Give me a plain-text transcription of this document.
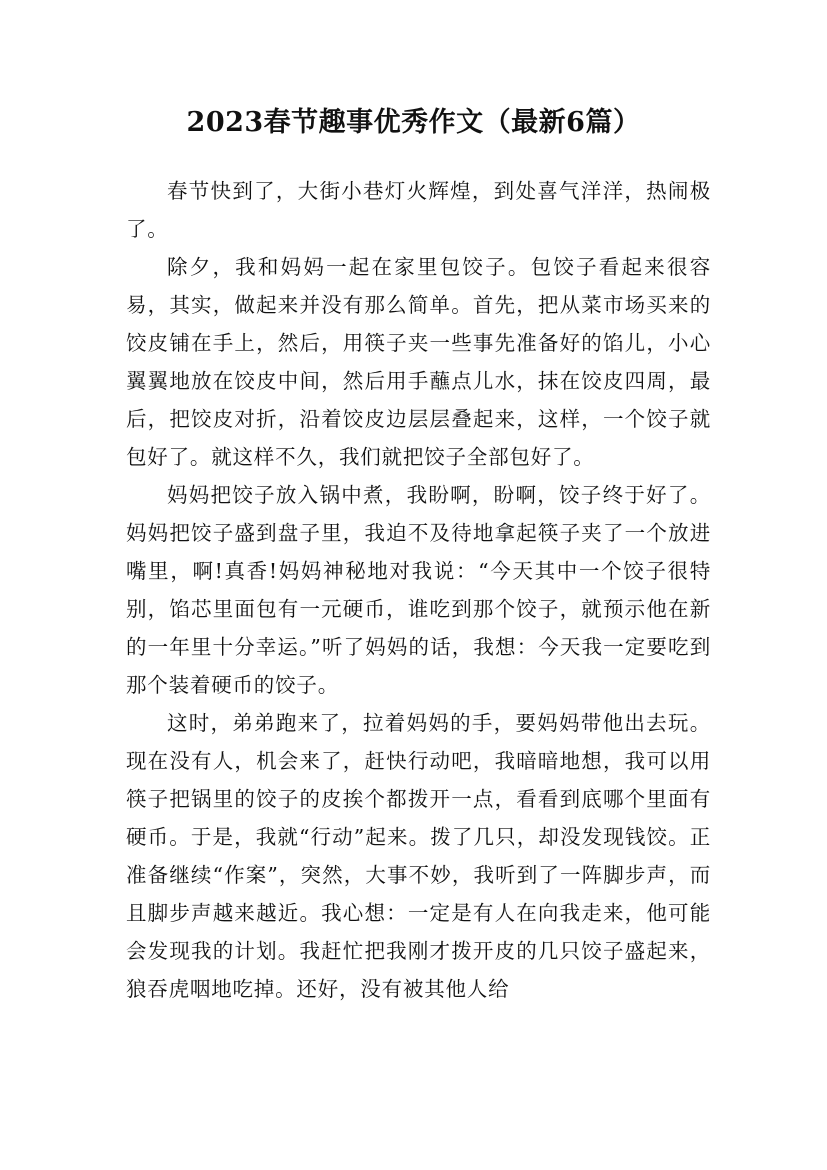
2023春节趣事优秀作文（最新6篇）

春节快到了，大街小巷灯火辉煌，到处喜气洋洋，热闹极了。

除夕，我和妈妈一起在家里包饺子。包饺子看起来很容易，其实，做起来并没有那么简单。首先，把从菜市场买来的饺皮铺在手上，然后，用筷子夹一些事先准备好的馅儿，小心翼翼地放在饺皮中间，然后用手蘸点儿水，抹在饺皮四周，最后，把饺皮对折，沿着饺皮边层层叠起来，这样，一个饺子就包好了。就这样不久，我们就把饺子全部包好了。

妈妈把饺子放入锅中煮，我盼啊，盼啊，饺子终于好了。妈妈把饺子盛到盘子里，我迫不及待地拿起筷子夹了一个放进嘴里，啊!真香!妈妈神秘地对我说：“今天其中一个饺子很特别，馅芯里面包有一元硬币，谁吃到那个饺子，就预示他在新的一年里十分幸运。”听了妈妈的话，我想：今天我一定要吃到那个装着硬币的饺子。

这时，弟弟跑来了，拉着妈妈的手，要妈妈带他出去玩。现在没有人，机会来了，赶快行动吧，我暗暗地想，我可以用筷子把锅里的饺子的皮挨个都拨开一点，看看到底哪个里面有硬币。于是，我就“行动”起来。拨了几只，却没发现钱饺。正准备继续“作案”，突然，大事不妙，我听到了一阵脚步声，而且脚步声越来越近。我心想：一定是有人在向我走来，他可能会发现我的计划。我赶忙把我刚才拨开皮的几只饺子盛起来，狼吞虎咽地吃掉。还好，没有被其他人给
